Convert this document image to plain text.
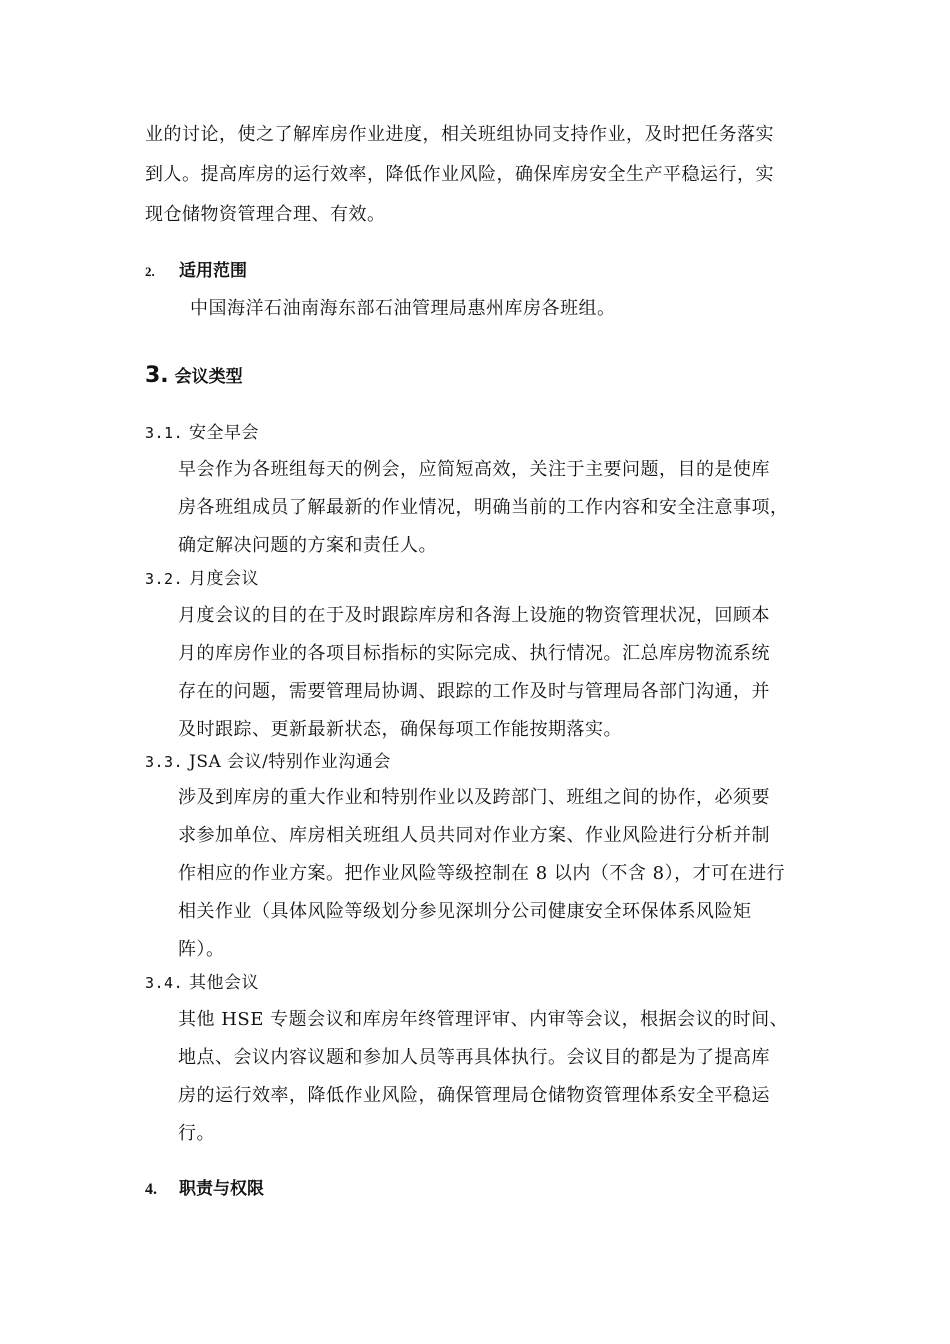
业的讨论，使之了解库房作业进度，相关班组协同支持作业，及时把任务落实
到人。提高库房的运行效率，降低作业风险，确保库房安全生产平稳运行，实
现仓储物资管理合理、有效。
2. 适用范围
中国海洋石油南海东部石油管理局惠州库房各班组。
3. 会议类型
3.1. 安全早会
早会作为各班组每天的例会，应简短高效，关注于主要问题，目的是使库
房各班组成员了解最新的作业情况，明确当前的工作内容和安全注意事项，
确定解决问题的方案和责任人。
3.2. 月度会议
月度会议的目的在于及时跟踪库房和各海上设施的物资管理状况，回顾本
月的库房作业的各项目标指标的实际完成、执行情况。汇总库房物流系统
存在的问题，需要管理局协调、跟踪的工作及时与管理局各部门沟通，并
及时跟踪、更新最新状态，确保每项工作能按期落实。
3.3. JSA 会议/特别作业沟通会
涉及到库房的重大作业和特别作业以及跨部门、班组之间的协作，必须要
求参加单位、库房相关班组人员共同对作业方案、作业风险进行分析并制
作相应的作业方案。把作业风险等级控制在 8 以内（不含 8），才可在进行
相关作业（具体风险等级划分参见深圳分公司健康安全环保体系风险矩
阵）。
3.4. 其他会议
其他 HSE 专题会议和库房年终管理评审、内审等会议，根据会议的时间、
地点、会议内容议题和参加人员等再具体执行。会议目的都是为了提高库
房的运行效率，降低作业风险，确保管理局仓储物资管理体系安全平稳运
行。
4. 职责与权限
